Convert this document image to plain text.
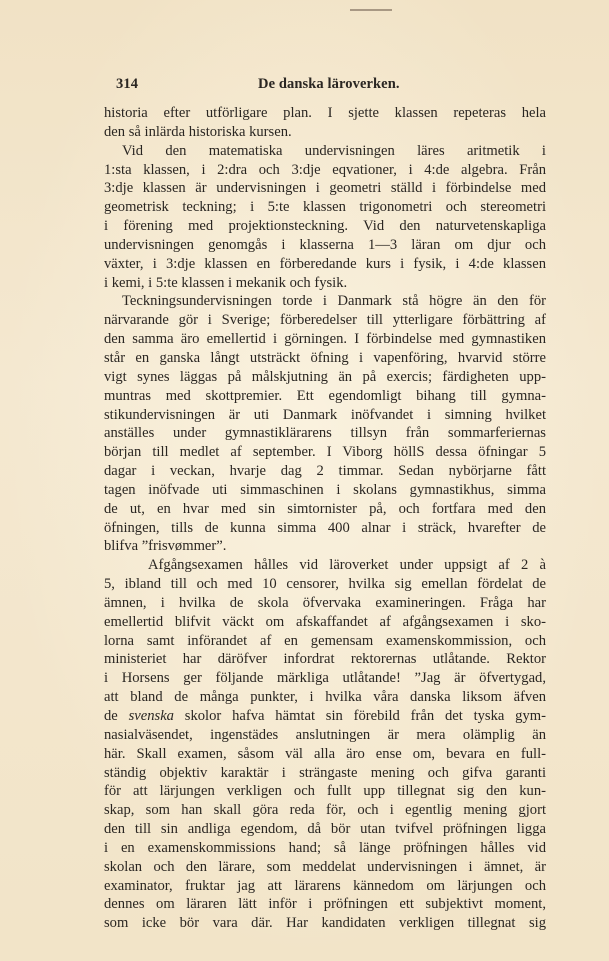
314	De danska läroverken.
historia efter utförligare plan. I sjette klassen repeteras hela
den så inlärda historiska kursen.
Vid den matematiska undervisningen läres aritmetik i
1:sta klassen, i 2:dra och 3:dje eqvationer, i 4:de algebra. Från
3:dje klassen är undervisningen i geometri ställd i förbindelse med
geometrisk teckning; i 5:te klassen trigonometri och stereometri
i förening med projektionsteckning. Vid den naturvetenskapliga
undervisningen genomgås i klasserna 1—3 läran om djur och
växter, i 3:dje klassen en förberedande kurs i fysik, i 4:de klassen
i kemi, i 5:te klassen i mekanik och fysik.
Teckningsundervisningen torde i Danmark stå högre än den för
närvarande gör i Sverige; förberedelser till ytterligare förbättring af
den samma äro emellertid i görningen. I förbindelse med gymnastiken
står en ganska långt utsträckt öfning i vapenföring, hvarvid större
vigt synes läggas på målskjutning än på exercis; färdigheten upp-
muntras med skottpremier. Ett egendomligt bihang till gymna-
stikundervisningen är uti Danmark inöfvandet i simning hvilket
anställes under gymnastiklärarens tillsyn från sommarferiernas
början till medlet af september. I Viborg höllS dessa öfningar 5
dagar i veckan, hvarje dag 2 timmar. Sedan nybörjarne fått
tagen inöfvade uti simmaschinen i skolans gymnastikhus, simma
de ut, en hvar med sin simtornister på, och fortfara med den
öfningen, tills de kunna simma 400 alnar i sträck, hvarefter de
blifva ”frisvømmer”.
Afgångsexamen hålles vid läroverket under uppsigt af 2 à
5, ibland till och med 10 censorer, hvilka sig emellan fördelat de
ämnen, i hvilka de skola öfvervaka examineringen. Fråga har
emellertid blifvit väckt om afskaffandet af afgångsexamen i sko-
lorna samt införandet af en gemensam examenskommission, och
ministeriet har däröfver infordrat rektorernas utlåtande. Rektor
i Horsens ger följande märkliga utlåtande! ”Jag är öfvertygad,
att bland de många punkter, i hvilka våra danska liksom äfven
de svenska skolor hafva hämtat sin förebild från det tyska gym-
nasialväsendet, ingenstädes anslutningen är mera olämplig än
här. Skall examen, såsom väl alla äro ense om, bevara en full-
ständig objektiv karaktär i strängaste mening och gifva garanti
för att lärjungen verkligen och fullt upp tillegnat sig den kun-
skap, som han skall göra reda för, och i egentlig mening gjort
den till sin andliga egendom, då bör utan tvifvel pröfningen ligga
i en examenskommissions hand; så länge pröfningen hålles vid
skolan och den lärare, som meddelat undervisningen i ämnet, är
examinator, fruktar jag att lärarens kännedom om lärjungen och
dennes om läraren lätt inför i pröfningen ett subjektivt moment,
som icke bör vara där. Har kandidaten verkligen tillegnat sig
